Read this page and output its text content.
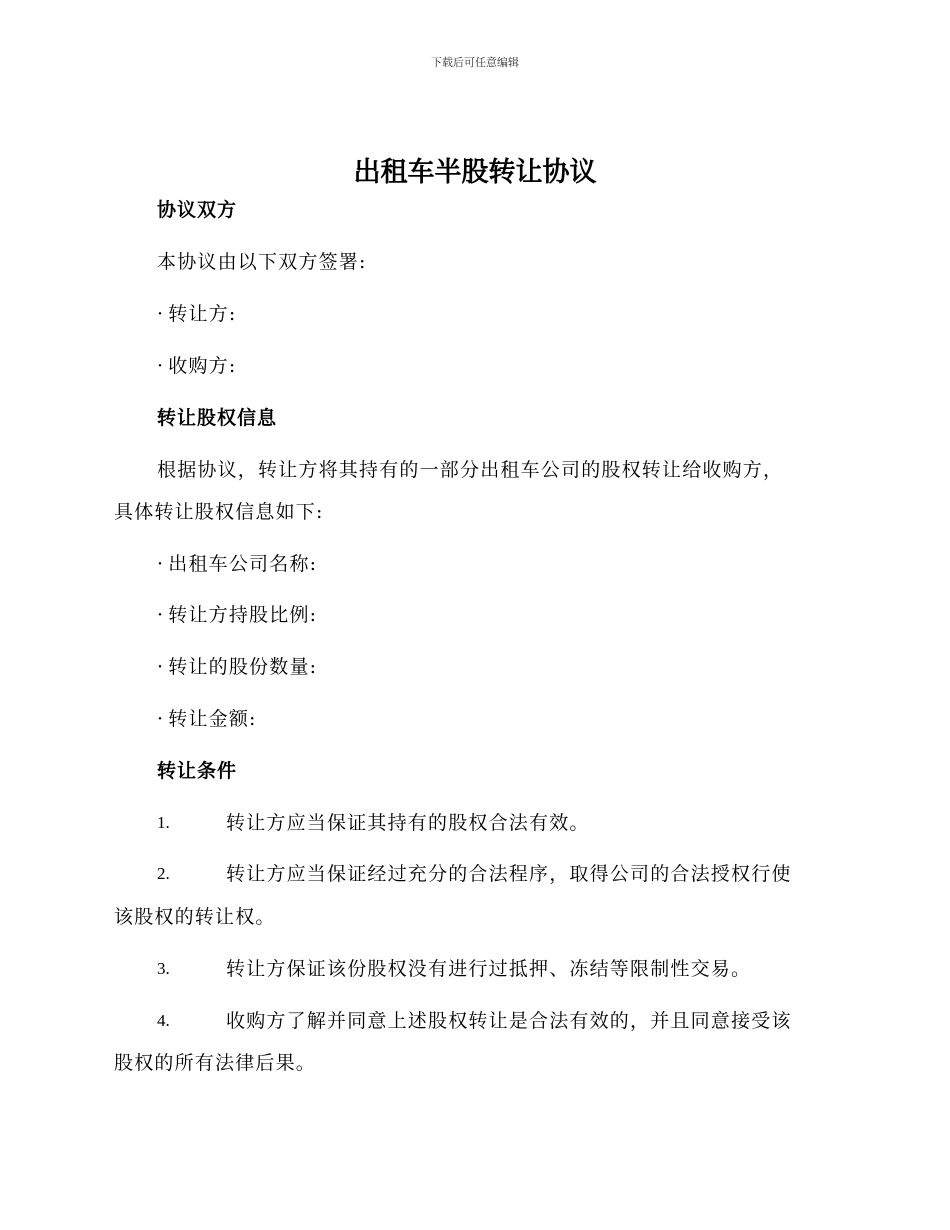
下载后可任意编辑
出租车半股转让协议
协议双方
本协议由以下双方签署:
· 转让方:
· 收购方:
转让股权信息
根据协议，转让方将其持有的一部分出租车公司的股权转让给收购方，
具体转让股权信息如下:
· 出租车公司名称:
· 转让方持股比例:
· 转让的股份数量:
· 转让金额:
转让条件
1.	转让方应当保证其持有的股权合法有效。
2.	转让方应当保证经过充分的合法程序，取得公司的合法授权行使
该股权的转让权。
3.	转让方保证该份股权没有进行过抵押、冻结等限制性交易。
4.	收购方了解并同意上述股权转让是合法有效的，并且同意接受该
股权的所有法律后果。
